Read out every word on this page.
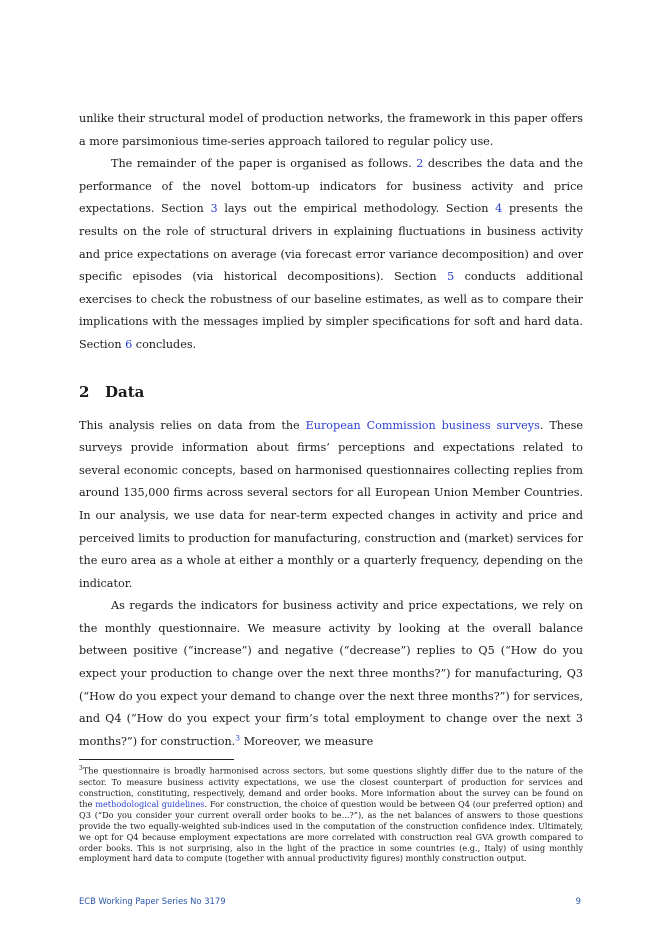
unlike their structural model of production networks, the framework in this paper offers a more parsimonious time-series approach tailored to regular policy use.

The remainder of the paper is organised as follows. 2 describes the data and the performance of the novel bottom-up indicators for business activity and price expectations. Section 3 lays out the empirical methodology. Section 4 presents the results on the role of structural drivers in explaining fluctuations in business activity and price expectations on average (via forecast error variance decomposition) and over specific episodes (via historical decompositions). Section 5 conducts additional exercises to check the robustness of our baseline estimates, as well as to compare their implications with the messages implied by simpler specifications for soft and hard data. Section 6 concludes.

2 Data

This analysis relies on data from the European Commission business surveys. These surveys provide information about firms’ perceptions and expectations related to several economic concepts, based on harmonised questionnaires collecting replies from around 135,000 firms across several sectors for all European Union Member Countries. In our analysis, we use data for near-term expected changes in activity and price and perceived limits to production for manufacturing, construction and (market) services for the euro area as a whole at either a monthly or a quarterly frequency, depending on the indicator.

As regards the indicators for business activity and price expectations, we rely on the monthly questionnaire. We measure activity by looking at the overall balance between positive (“increase”) and negative (“decrease”) replies to Q5 (“How do you expect your production to change over the next three months?”) for manufacturing, Q3 (“How do you expect your demand to change over the next three months?”) for services, and Q4 (“How do you expect your firm’s total employment to change over the next 3 months?”) for construction.$^3$ Moreover, we measure

$^3$The questionnaire is broadly harmonised across sectors, but some questions slightly differ due to the nature of the sector. To measure business activity expectations, we use the closest counterpart of production for services and construction, constituting, respectively, demand and order books. More information about the survey can be found on the methodological guidelines. For construction, the choice of question would be between Q4 (our preferred option) and Q3 (“Do you consider your current overall order books to be...?”), as the net balances of answers to those questions provide the two equally-weighted sub-indices used in the computation of the construction confidence index. Ultimately, we opt for Q4 because employment expectations are more correlated with construction real GVA growth compared to order books. This is not surprising, also in the light of the practice in some countries (e.g., Italy) of using monthly employment hard data to compute (together with annual productivity figures) monthly construction output.

ECB Working Paper Series No 3179	9
